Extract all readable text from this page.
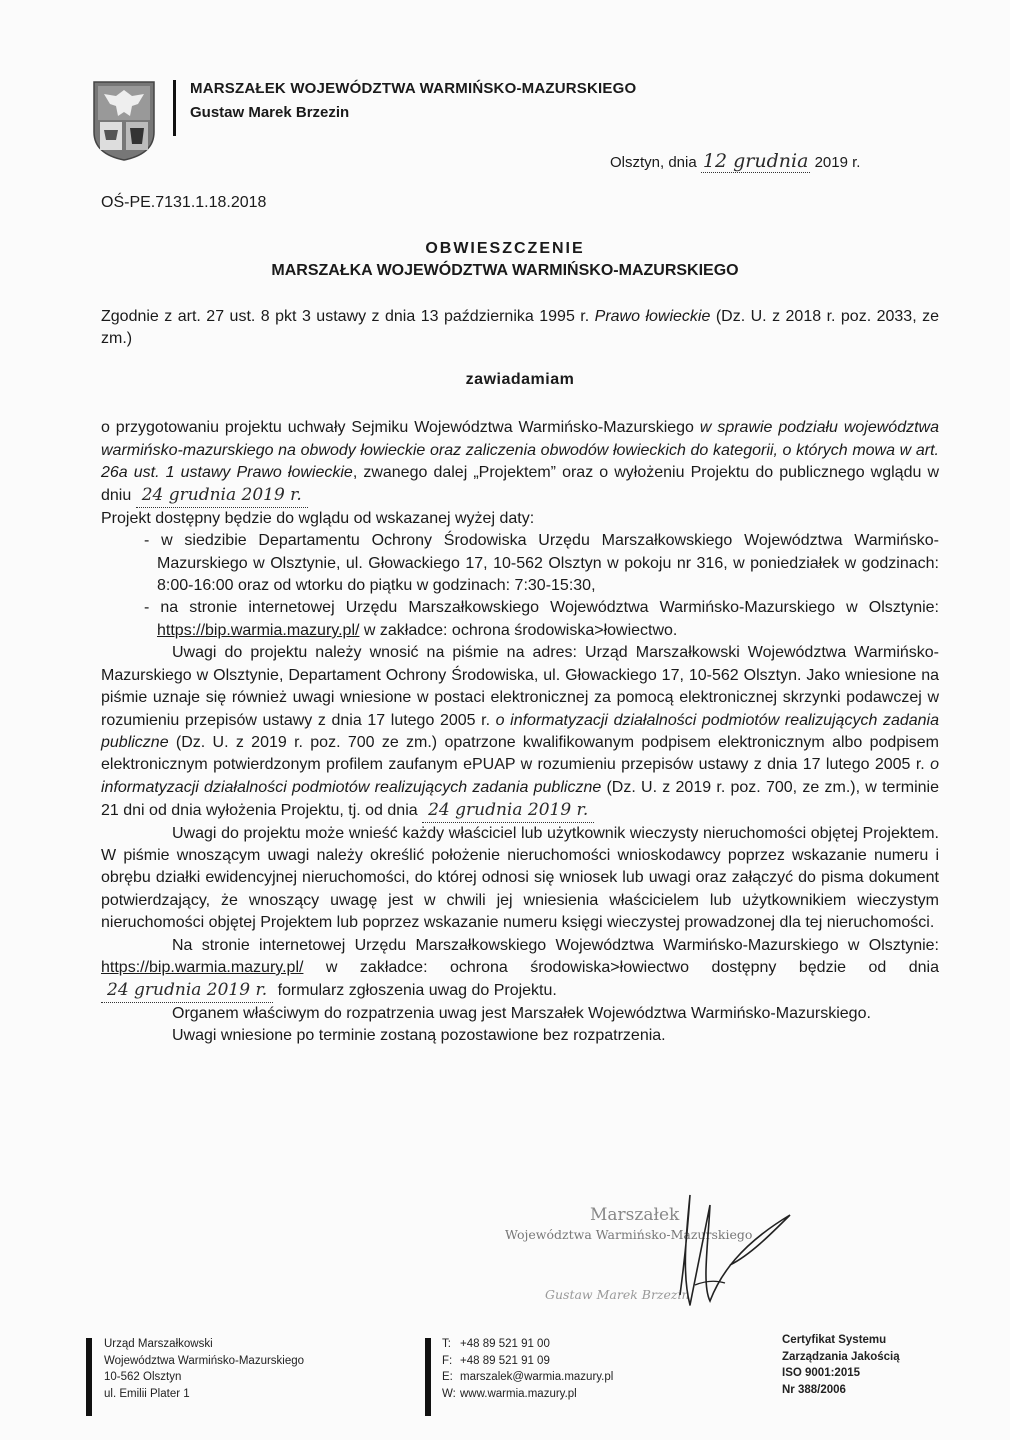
MARSZAŁEK WOJEWÓDZTWA WARMIŃSKO-MAZURSKIEGO
Gustaw Marek Brzezin
Olsztyn, dnia 12 grudnia 2019 r.
OŚ-PE.7131.1.18.2018
OBWIESZCZENIE
MARSZAŁKA WOJEWÓDZTWA WARMIŃSKO-MAZURSKIEGO

Zgodnie z art. 27 ust. 8 pkt 3 ustawy z dnia 13 października 1995 r. Prawo łowieckie (Dz. U. z 2018 r. poz. 2033, ze zm.)

zawiadamiam

o przygotowaniu projektu uchwały Sejmiku Województwa Warmińsko-Mazurskiego w sprawie podziału województwa warmińsko-mazurskiego na obwody łowieckie oraz zaliczenia obwodów łowieckich do kategorii, o których mowa w art. 26a ust. 1 ustawy Prawo łowieckie, zwanego dalej „Projektem” oraz o wyłożeniu Projektu do publicznego wglądu w dniu 24 grudnia 2019 r.

Projekt dostępny będzie do wglądu od wskazanej wyżej daty:

- w siedzibie Departamentu Ochrony Środowiska Urzędu Marszałkowskiego Województwa Warmińsko-Mazurskiego w Olsztynie, ul. Głowackiego 17, 10-562 Olsztyn w pokoju nr 316, w poniedziałek w godzinach: 8:00-16:00 oraz od wtorku do piątku w godzinach: 7:30-15:30,

- na stronie internetowej Urzędu Marszałkowskiego Województwa Warmińsko-Mazurskiego w Olsztynie: https://bip.warmia.mazury.pl/ w zakładce: ochrona środowiska>łowiectwo.

Uwagi do projektu należy wnosić na piśmie na adres: Urząd Marszałkowski Województwa Warmińsko-Mazurskiego w Olsztynie, Departament Ochrony Środowiska, ul. Głowackiego 17, 10-562 Olsztyn. Jako wniesione na piśmie uznaje się również uwagi wniesione w postaci elektronicznej za pomocą elektronicznej skrzynki podawczej w rozumieniu przepisów ustawy z dnia 17 lutego 2005 r. o informatyzacji działalności podmiotów realizujących zadania publiczne (Dz. U. z 2019 r. poz. 700 ze zm.) opatrzone kwalifikowanym podpisem elektronicznym albo podpisem elektronicznym potwierdzonym profilem zaufanym ePUAP w rozumieniu przepisów ustawy z dnia 17 lutego 2005 r. o informatyzacji działalności podmiotów realizujących zadania publiczne (Dz. U. z 2019 r. poz. 700, ze zm.), w terminie 21 dni od dnia wyłożenia Projektu, tj. od dnia 24 grudnia 2019 r.

Uwagi do projektu może wnieść każdy właściciel lub użytkownik wieczysty nieruchomości objętej Projektem. W piśmie wnoszącym uwagi należy określić położenie nieruchomości wnioskodawcy poprzez wskazanie numeru i obrębu działki ewidencyjnej nieruchomości, do której odnosi się wniosek lub uwagi oraz załączyć do pisma dokument potwierdzający, że wnoszący uwagę jest w chwili jej wniesienia właścicielem lub użytkownikiem wieczystym nieruchomości objętej Projektem lub poprzez wskazanie numeru księgi wieczystej prowadzonej dla tej nieruchomości.

Na stronie internetowej Urzędu Marszałkowskiego Województwa Warmińsko-Mazurskiego w Olsztynie: https://bip.warmia.mazury.pl/ w zakładce: ochrona środowiska>łowiectwo dostępny będzie od dnia 24 grudnia 2019 r. formularz zgłoszenia uwag do Projektu.

Organem właściwym do rozpatrzenia uwag jest Marszałek Województwa Warmińsko-Mazurskiego.

Uwagi wniesione po terminie zostaną pozostawione bez rozpatrzenia.

Marszałek
Województwa Warmińsko-Mazurskiego
Gustaw Marek Brzezin
Urząd Marszałkowski
Województwa Warmińsko-Mazurskiego
10-562 Olsztyn
ul. Emilii Plater 1
T: +48 89 521 91 00
F: +48 89 521 91 09
E: marszalek@warmia.mazury.pl
W: www.warmia.mazury.pl
Certyfikat Systemu
Zarządzania Jakością
ISO 9001:2015
Nr 388/2006
